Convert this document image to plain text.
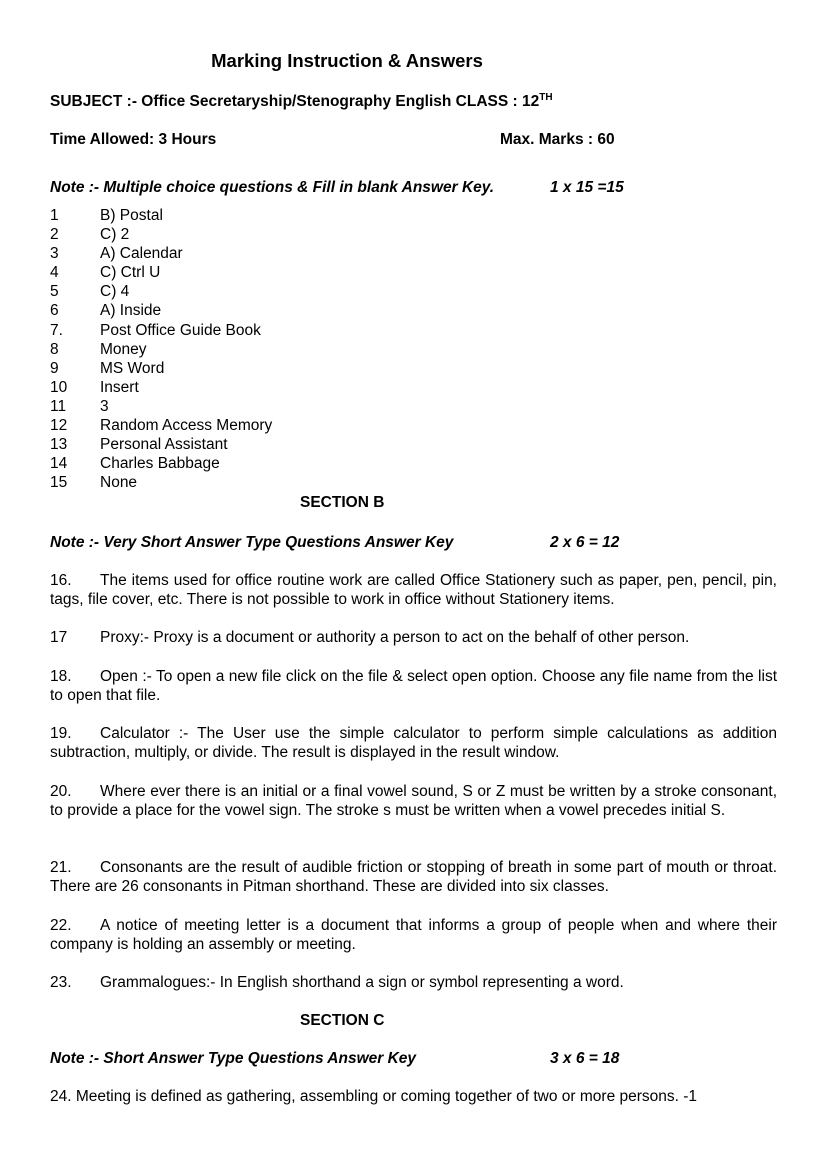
Marking Instruction & Answers
SUBJECT :- Office Secretaryship/Stenography English CLASS : 12TH
Time Allowed: 3 Hours	Max. Marks : 60
Note :- Multiple choice questions & Fill in blank Answer Key.	1 x 15 =15
1	B) Postal
2	C) 2
3	A) Calendar
4	C) Ctrl U
5	C) 4
6	A) Inside
7.	Post Office Guide Book
8	Money
9	MS Word
10	Insert
11	3
12	Random Access Memory
13	Personal Assistant
14	Charles Babbage
15	None
SECTION B
Note :- Very Short Answer Type Questions Answer Key	2 x 6 = 12
16. The items used for office routine work are called Office Stationery such as paper, pen, pencil, pin, tags, file cover, etc. There is not possible to work in office without Stationery items.
17 Proxy:- Proxy is a document or authority a person to act on the behalf of other person.
18. Open :- To open a new file click on the file & select open option. Choose any file name from the list to open that file.
19. Calculator :- The User use the simple calculator to perform simple calculations as addition subtraction, multiply, or divide. The result is displayed in the result window.
20. Where ever there is an initial or a final vowel sound, S or Z must be written by a stroke consonant, to provide a place for the vowel sign. The stroke s must be written when a vowel precedes initial S.
21. Consonants are the result of audible friction or stopping of breath in some part of mouth or throat. There are 26 consonants in Pitman shorthand. These are divided into six classes.
22. A notice of meeting letter is a document that informs a group of people when and where their company is holding an assembly or meeting.
23. Grammalogues:- In English shorthand a sign or symbol representing a word.
SECTION C
Note :- Short Answer Type Questions Answer Key	3 x 6 = 18
24. Meeting is defined as gathering, assembling or coming together of two or more persons. -1
